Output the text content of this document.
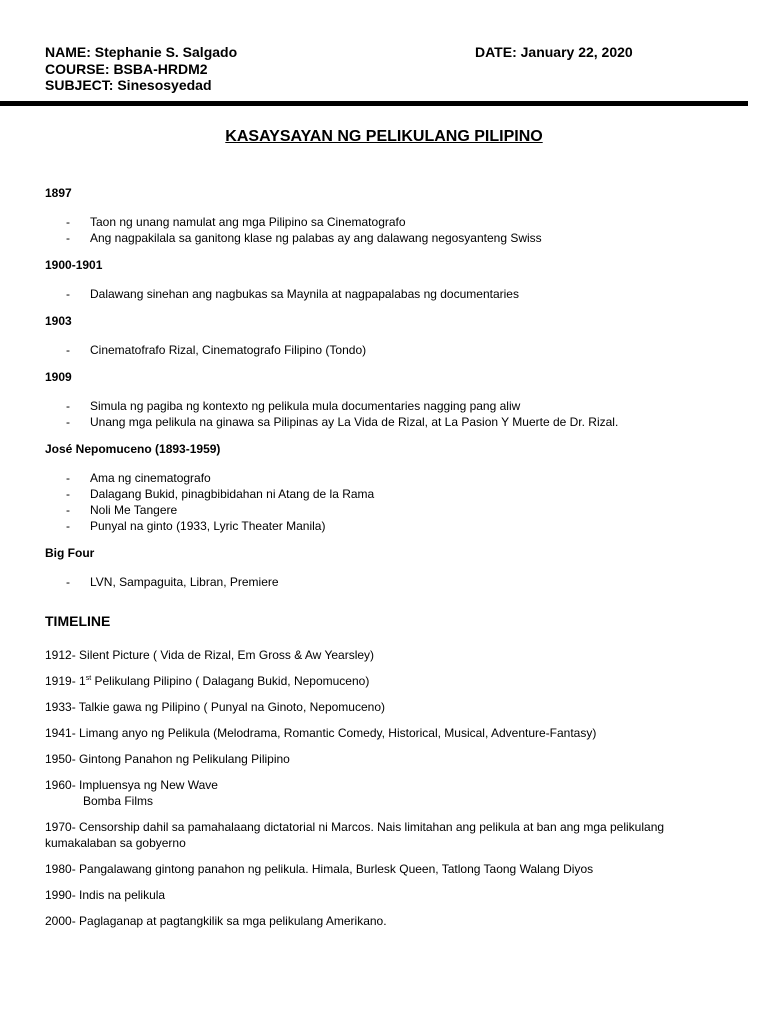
NAME: Stephanie S. Salgado
COURSE: BSBA-HRDM2
SUBJECT: Sinesosyedad
DATE: January 22, 2020
KASAYSAYAN NG PELIKULANG PILIPINO
1897
- Taon ng unang namulat ang mga Pilipino sa Cinematografo
- Ang nagpakilala sa ganitong klase ng palabas ay ang dalawang negosyanteng Swiss
1900-1901
- Dalawang sinehan ang nagbukas sa Maynila at nagpapalabas ng documentaries
1903
- Cinematofrafo Rizal, Cinematografo Filipino (Tondo)
1909
- Simula ng pagiba ng kontexto ng pelikula mula documentaries nagging pang aliw
- Unang mga pelikula na ginawa sa Pilipinas ay La Vida de Rizal, at La Pasion Y Muerte de Dr. Rizal.
José Nepomuceno (1893-1959)
- Ama ng cinematografo
- Dalagang Bukid, pinagbibidahan ni Atang de la Rama
- Noli Me Tangere
- Punyal na ginto (1933, Lyric Theater Manila)
Big Four
- LVN, Sampaguita, Libran, Premiere
TIMELINE
1912- Silent Picture ( Vida de Rizal, Em Gross & Aw Yearsley)
1919- 1st Pelikulang Pilipino ( Dalagang Bukid, Nepomuceno)
1933- Talkie gawa ng Pilipino ( Punyal na Ginoto, Nepomuceno)
1941- Limang anyo ng Pelikula (Melodrama, Romantic Comedy, Historical, Musical, Adventure-Fantasy)
1950- Gintong Panahon ng Pelikulang Pilipino
1960- Impluensya ng New Wave
Bomba Films
1970- Censorship dahil sa pamahalaang dictatorial ni Marcos. Nais limitahan ang pelikula at ban ang mga pelikulang kumakalaban sa gobyerno
1980- Pangalawang gintong panahon ng pelikula. Himala, Burlesk Queen, Tatlong Taong Walang Diyos
1990- Indis na pelikula
2000- Paglaganap at pagtangkilik sa mga pelikulang Amerikano.
